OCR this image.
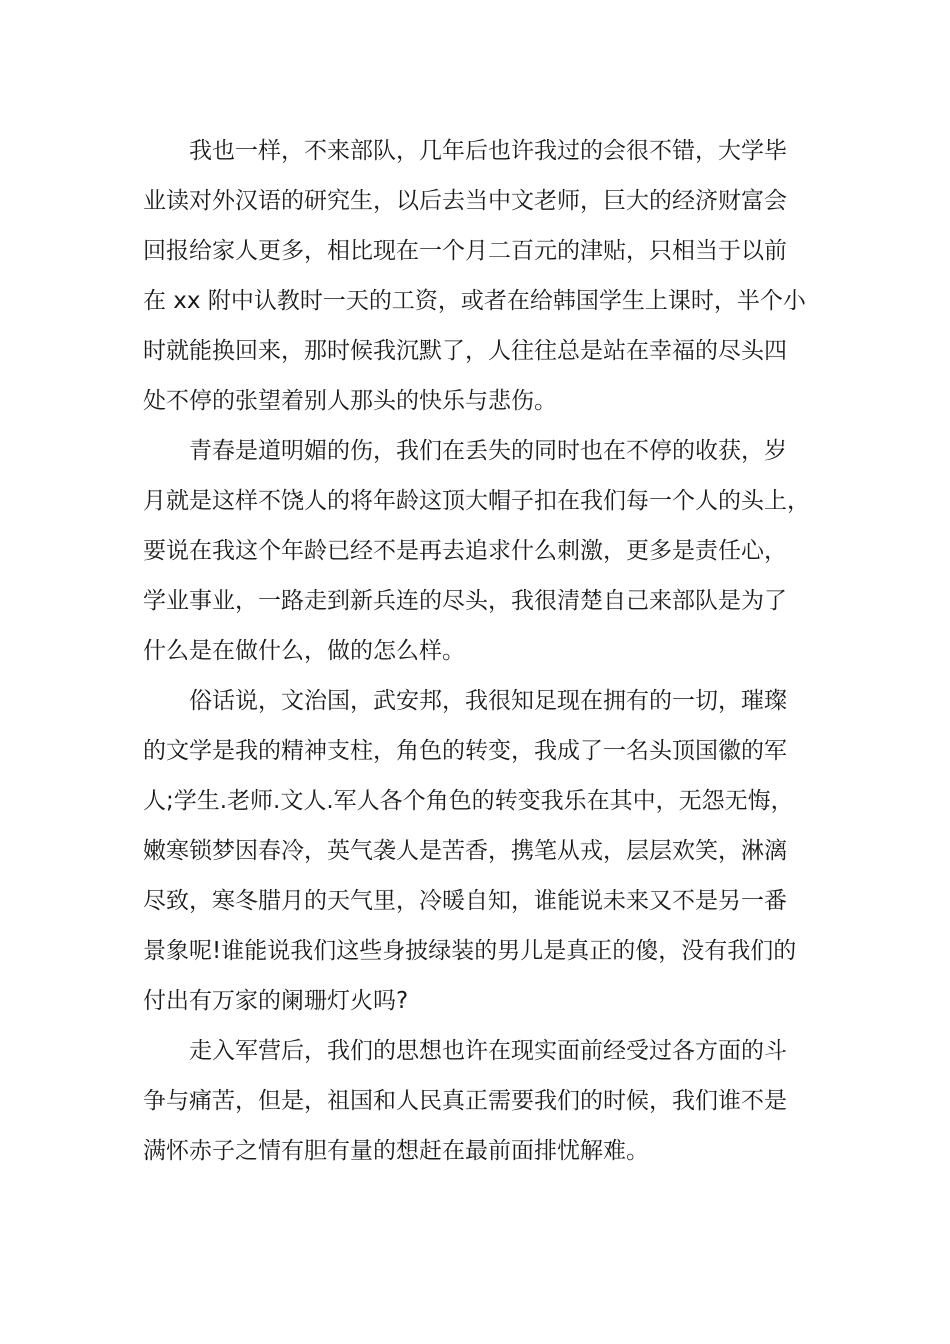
我也一样，不来部队，几年后也许我过的会很不错，大学毕
业读对外汉语的研究生，以后去当中文老师，巨大的经济财富会
回报给家人更多，相比现在一个月二百元的津贴，只相当于以前
在 xx 附中认教时一天的工资，或者在给韩国学生上课时，半个小
时就能换回来，那时候我沉默了，人往往总是站在幸福的尽头四
处不停的张望着别人那头的快乐与悲伤。

青春是道明媚的伤，我们在丢失的同时也在不停的收获，岁
月就是这样不饶人的将年龄这顶大帽子扣在我们每一个人的头上，
要说在我这个年龄已经不是再去追求什么刺激，更多是责任心，
学业事业，一路走到新兵连的尽头，我很清楚自己来部队是为了
什么是在做什么，做的怎么样。

俗话说，文治国，武安邦，我很知足现在拥有的一切，璀璨
的文学是我的精神支柱，角色的转变，我成了一名头顶国徽的军
人;学生.老师.文人.军人各个角色的转变我乐在其中，无怨无悔，
嫩寒锁梦因春冷，英气袭人是苦香，携笔从戎，层层欢笑，淋漓
尽致，寒冬腊月的天气里，冷暖自知，谁能说未来又不是另一番
景象呢!谁能说我们这些身披绿装的男儿是真正的傻，没有我们的
付出有万家的阑珊灯火吗?

走入军营后，我们的思想也许在现实面前经受过各方面的斗
争与痛苦，但是，祖国和人民真正需要我们的时候，我们谁不是
满怀赤子之情有胆有量的想赶在最前面排忧解难。
